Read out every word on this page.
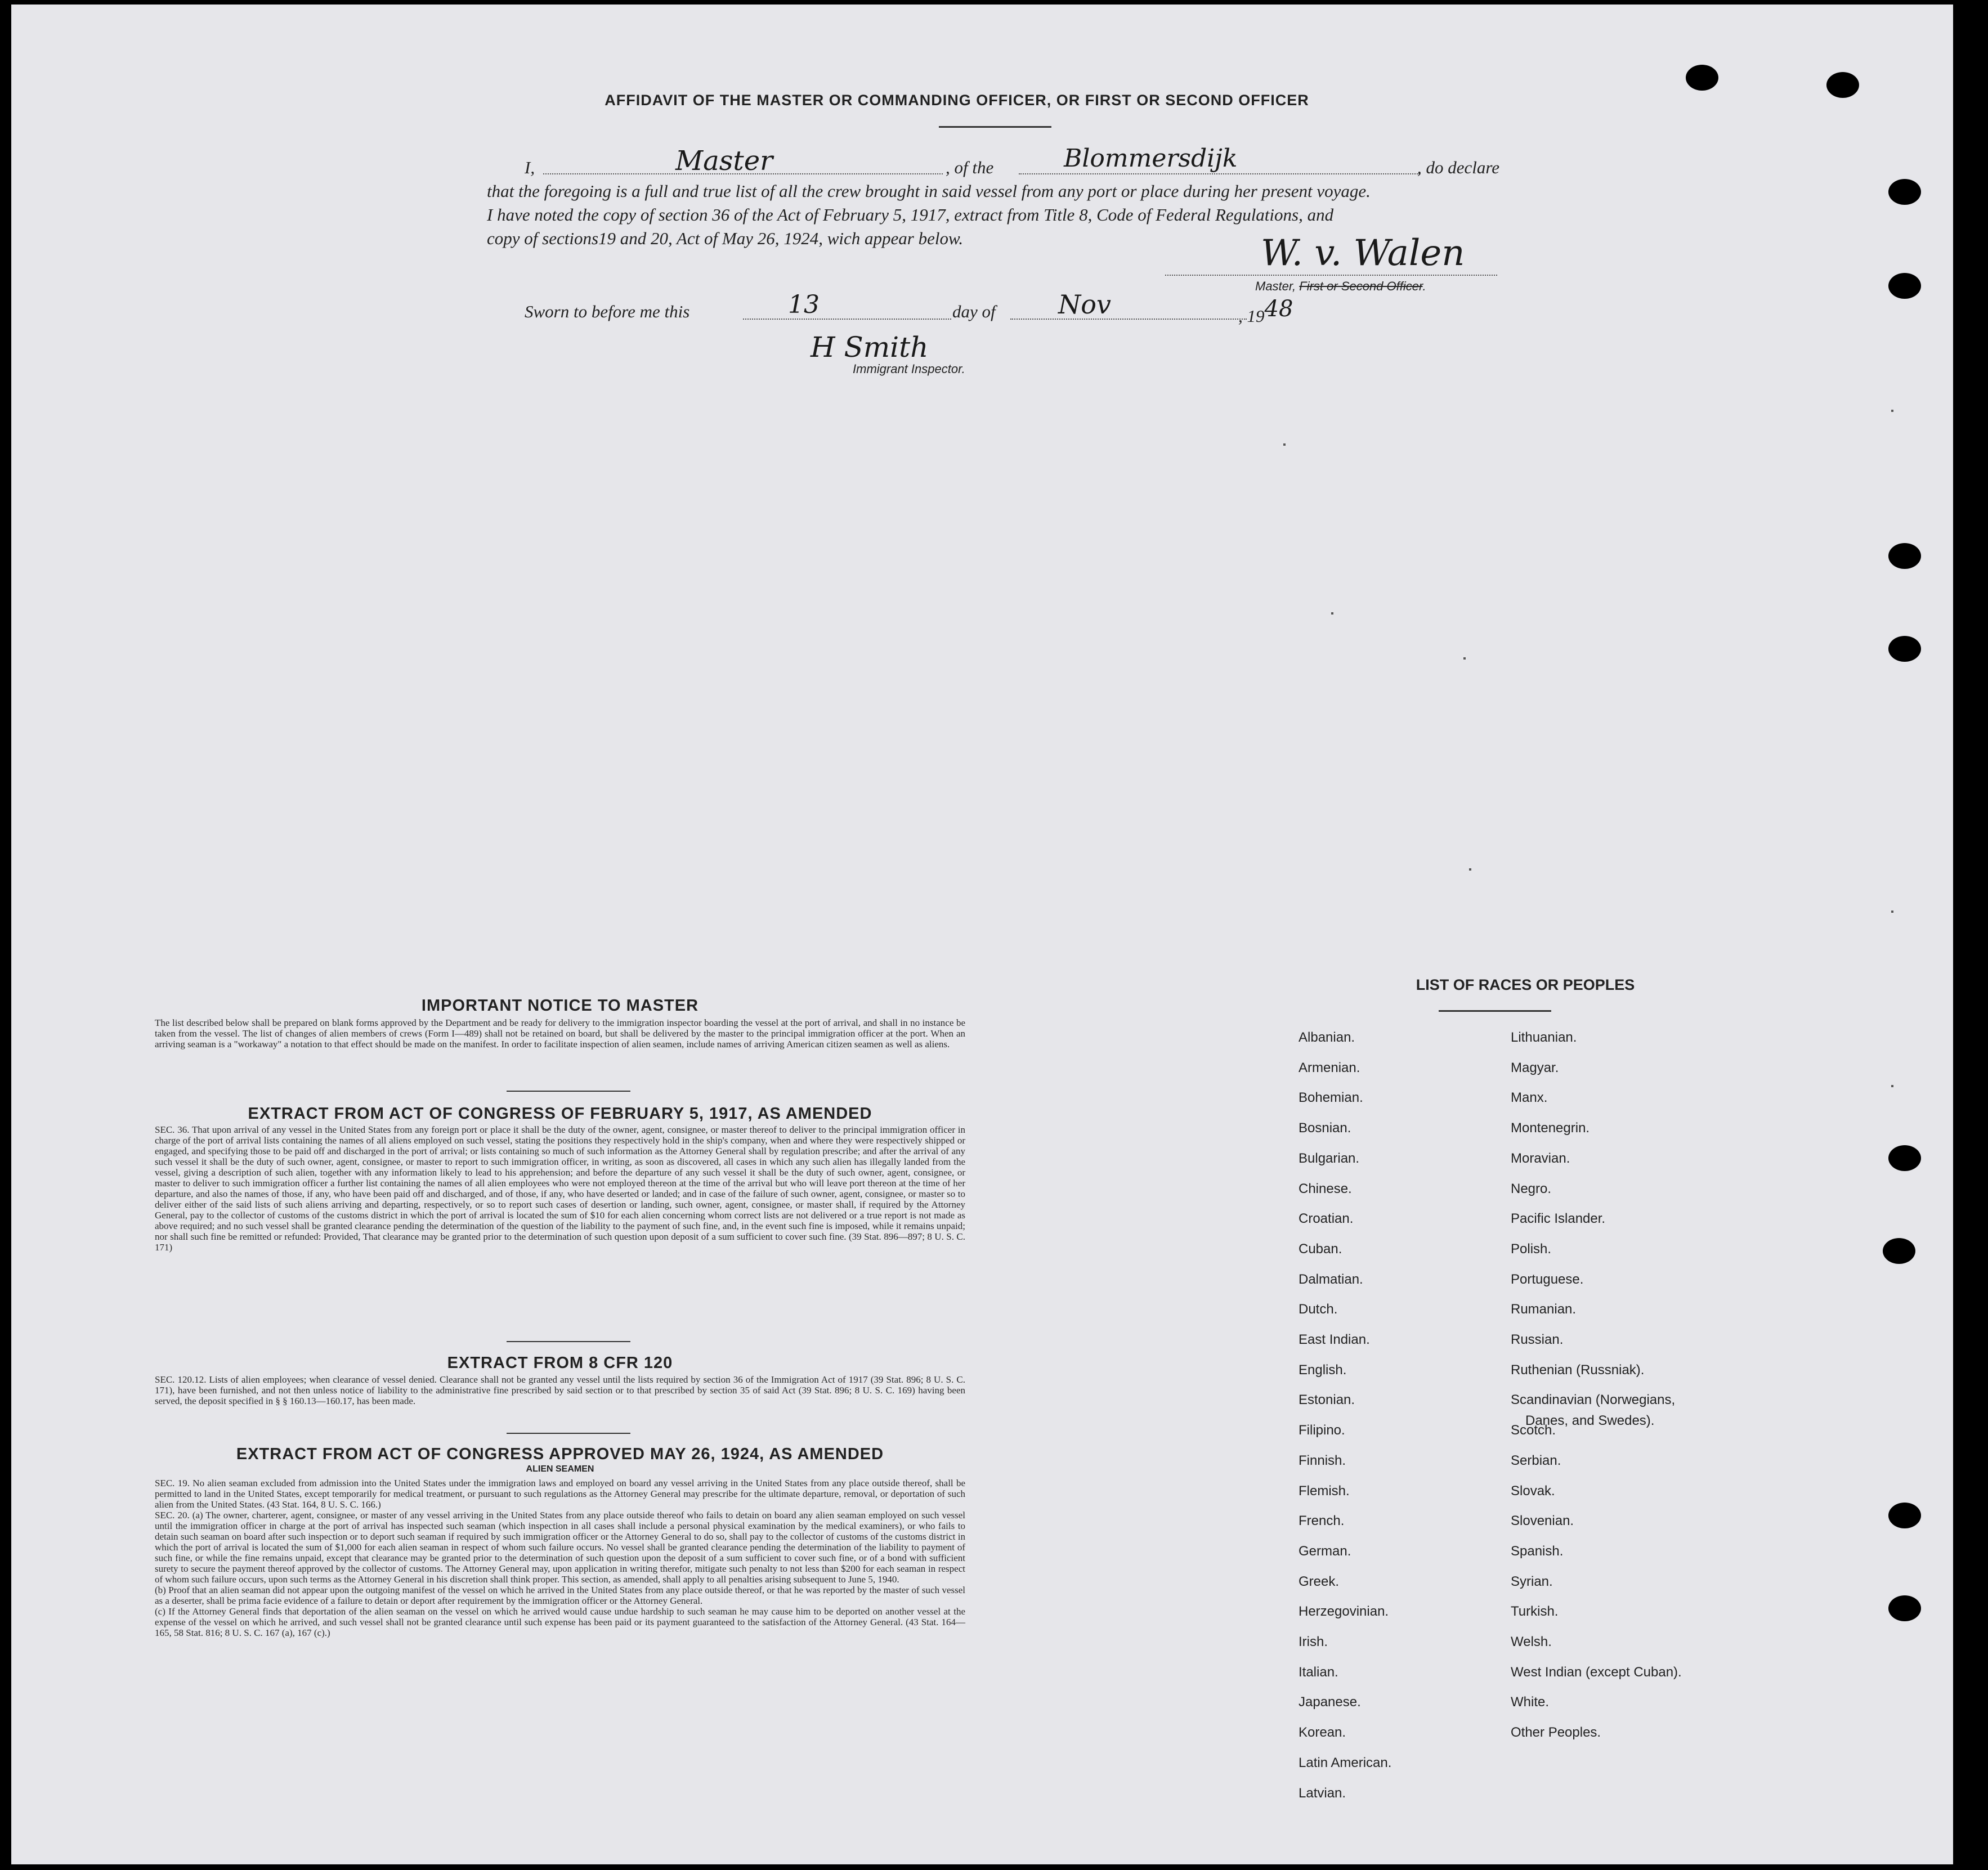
AFFIDAVIT OF THE MASTER OR COMMANDING OFFICER, OR FIRST OR SECOND OFFICER
I,	Master	, of the	Blommersdijk	, do declare
that the foregoing is a full and true list of all the crew brought in said vessel from any port or place during her present voyage.
I have noted the copy of section 36 of the Act of February 5, 1917, extract from Title 8, Code of Federal Regulations, and
copy of sections19 and 20, Act of May 26, 1924, wich appear below.	W. v. Walen
Master, First or Second Officer.
Sworn to before me this	13	day of Nov	, 1948
H Smith
Immigrant Inspector.
IMPORTANT NOTICE TO MASTER
The list described below shall be prepared on blank forms approved by the Department and be ready for delivery to the immigration inspector boarding the vessel at the port of arrival, and shall in no instance be taken from the vessel. The list of changes of alien members of crews (Form I—489) shall not be retained on board, but shall be delivered by the master to the principal immigration officer at the port. When an arriving seaman is a "workaway" a notation to that effect should be made on the manifest. In order to facilitate inspection of alien seamen, include names of arriving American citizen seamen as well as aliens.
EXTRACT FROM ACT OF CONGRESS OF FEBRUARY 5, 1917, AS AMENDED
SEC. 36. That upon arrival of any vessel in the United States from any foreign port or place it shall be the duty of the owner, agent, consignee, or master thereof to deliver to the principal immigration officer in charge of the port of arrival lists containing the names of all aliens employed on such vessel, stating the positions they respectively hold in the ship's company, when and where they were respectively shipped or engaged, and specifying those to be paid off and discharged in the port of arrival; or lists containing so much of such information as the Attorney General shall by regulation prescribe; and after the arrival of any such vessel it shall be the duty of such owner, agent, consignee, or master to report to such immigration officer, in writing, as soon as discovered, all cases in which any such alien has illegally landed from the vessel, giving a description of such alien, together with any information likely to lead to his apprehension; and before the departure of any such vessel it shall be the duty of such owner, agent, consignee, or master to deliver to such immigration officer a further list containing the names of all alien employees who were not employed thereon at the time of the arrival but who will leave port thereon at the time of her departure, and also the names of those, if any, who have been paid off and discharged, and of those, if any, who have deserted or landed; and in case of the failure of such owner, agent, consignee, or master so to deliver either of the said lists of such aliens arriving and departing, respectively, or so to report such cases of desertion or landing, such owner, agent, consignee, or master shall, if required by the Attorney General, pay to the collector of customs of the customs district in which the port of arrival is located the sum of $10 for each alien concerning whom correct lists are not delivered or a true report is not made as above required; and no such vessel shall be granted clearance pending the determination of the question of the liability to the payment of such fine, and, in the event such fine is imposed, while it remains unpaid; nor shall such fine be remitted or refunded: Provided, That clearance may be granted prior to the determination of such question upon deposit of a sum sufficient to cover such fine. (39 Stat. 896—897; 8 U. S. C. 171)
EXTRACT FROM 8 CFR 120
SEC. 120.12. Lists of alien employees; when clearance of vessel denied. Clearance shall not be granted any vessel until the lists required by section 36 of the Immigration Act of 1917 (39 Stat. 896; 8 U. S. C. 171), have been furnished, and not then unless notice of liability to the administrative fine prescribed by said section or to that prescribed by section 35 of said Act (39 Stat. 896; 8 U. S. C. 169) having been served, the deposit specified in § § 160.13—160.17, has been made.
EXTRACT FROM ACT OF CONGRESS APPROVED MAY 26, 1924, AS AMENDED
ALIEN SEAMEN
SEC. 19. No alien seaman excluded from admission into the United States under the immigration laws and employed on board any vessel arriving in the United States from any place outside thereof, shall be permitted to land in the United States, except temporarily for medical treatment, or pursuant to such regulations as the Attorney General may prescribe for the ultimate departure, removal, or deportation of such alien from the United States. (43 Stat. 164, 8 U. S. C. 166.)
SEC. 20. (a) The owner, charterer, agent, consignee, or master of any vessel arriving in the United States from any place outside thereof who fails to detain on board any alien seaman employed on such vessel until the immigration officer in charge at the port of arrival has inspected such seaman (which inspection in all cases shall include a personal physical examination by the medical examiners), or who fails to detain such seaman on board after such inspection or to deport such seaman if required by such immigration officer or the Attorney General to do so, shall pay to the collector of customs of the customs district in which the port of arrival is located the sum of $1,000 for each alien seaman in respect of whom such failure occurs. No vessel shall be granted clearance pending the determination of the liability to payment of such fine, or while the fine remains unpaid, except that clearance may be granted prior to the determination of such question upon the deposit of a sum sufficient to cover such fine, or of a bond with sufficient surety to secure the payment thereof approved by the collector of customs. The Attorney General may, upon application in writing therefor, mitigate such penalty to not less than $200 for each seaman in respect of whom such failure occurs, upon such terms as the Attorney General in his discretion shall think proper. This section, as amended, shall apply to all penalties arising subsequent to June 5, 1940.
(b) Proof that an alien seaman did not appear upon the outgoing manifest of the vessel on which he arrived in the United States from any place outside thereof, or that he was reported by the master of such vessel as a deserter, shall be prima facie evidence of a failure to detain or deport after requirement by the immigration officer or the Attorney General.
(c) If the Attorney General finds that deportation of the alien seaman on the vessel on which he arrived would cause undue hardship to such seaman he may cause him to be deported on another vessel at the expense of the vessel on which he arrived, and such vessel shall not be granted clearance until such expense has been paid or its payment guaranteed to the satisfaction of the Attorney General. (43 Stat. 164—165, 58 Stat. 816; 8 U. S. C. 167 (a), 167 (c).)
LIST OF RACES OR PEOPLES
Albanian.
Armenian.
Bohemian.
Bosnian.
Bulgarian.
Chinese.
Croatian.
Cuban.
Dalmatian.
Dutch.
East Indian.
English.
Estonian.
Filipino.
Finnish.
Flemish.
French.
German.
Greek.
Herzegovinian.
Irish.
Italian.
Japanese.
Korean.
Latin American.
Latvian.
Lithuanian.
Magyar.
Manx.
Montenegrin.
Moravian.
Negro.
Pacific Islander.
Polish.
Portuguese.
Rumanian.
Russian.
Ruthenian (Russniak).
Scandinavian (Norwegians,
Danes, and Swedes).
Scotch.
Serbian.
Slovak.
Slovenian.
Spanish.
Syrian.
Turkish.
Welsh.
West Indian (except Cuban).
White.
Other Peoples.
